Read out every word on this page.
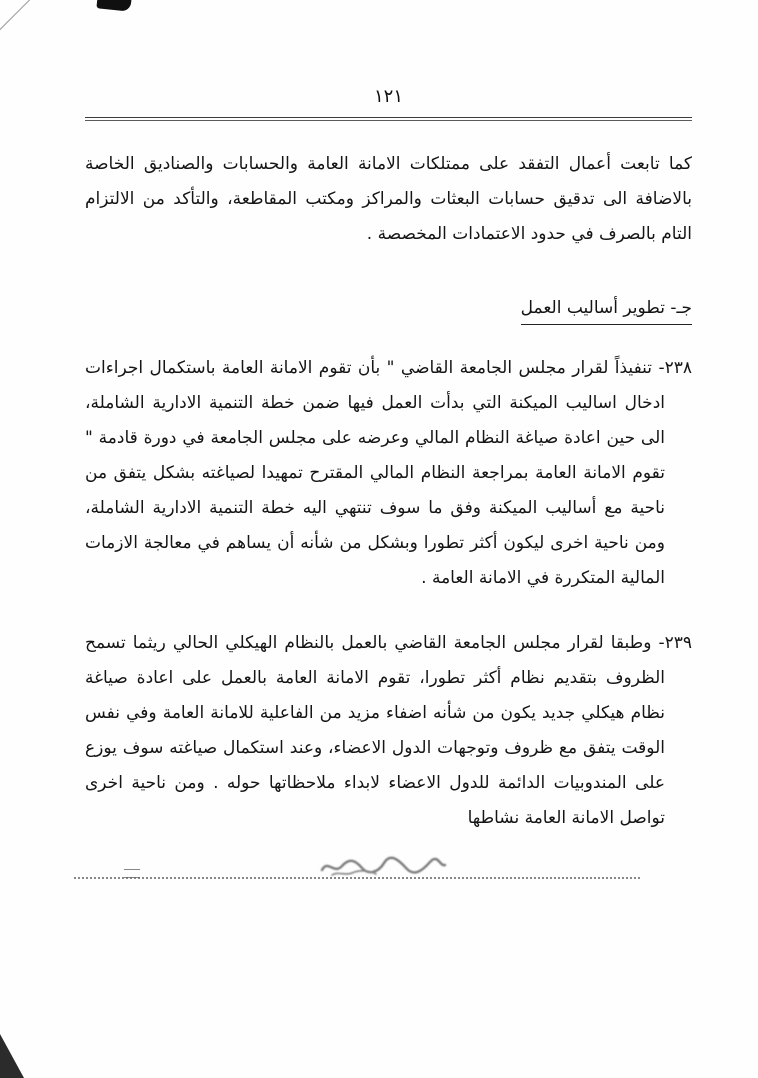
١٢١

كما تابعت أعمال التفقد على ممتلكات الامانة العامة والحسابات والصناديق الخاصة بالاضافة الى تدقيق حسابات البعثات والمراكز ومكتب المقاطعة، والتأكد من الالتزام التام بالصرف في حدود الاعتمادات المخصصة .

جـ- تطوير أساليب العمل

٢٣٨- تنفيذاً لقرار مجلس الجامعة القاضي " بأن تقوم الامانة العامة باستكمال اجراءات ادخال اساليب الميكنة التي بدأت العمل فيها ضمن خطة التنمية الادارية الشاملة، الى حين اعادة صياغة النظام المالي وعرضه على مجلس الجامعة في دورة قادمة " تقوم الامانة العامة بمراجعة النظام المالي المقترح تمهيدا لصياغته بشكل يتفق من ناحية مع أساليب الميكنة وفق ما سوف تنتهي اليه خطة التنمية الادارية الشاملة، ومن ناحية اخرى ليكون أكثر تطورا وبشكل من شأنه أن يساهم في معالجة الازمات المالية المتكررة في الامانة العامة .

٢٣٩- وطبقا لقرار مجلس الجامعة القاضي بالعمل بالنظام الهيكلي الحالي ريثما تسمح الظروف بتقديم نظام أكثر تطورا، تقوم الامانة العامة بالعمل على اعادة صياغة نظام هيكلي جديد يكون من شأنه اضفاء مزيد من الفاعلية للامانة العامة وفي نفس الوقت يتفق مع ظروف وتوجهات الدول الاعضاء، وعند استكمال صياغته سوف يوزع على المندوبيات الدائمة للدول الاعضاء لابداء ملاحظاتها حوله . ومن ناحية اخرى تواصل الامانة العامة نشاطها
